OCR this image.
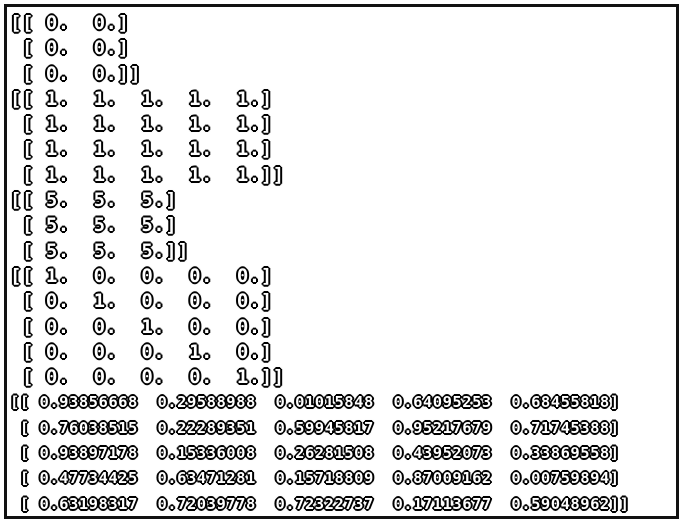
[[ 0.  0.]
[ 0.  0.]
[ 0.  0.]]
[[ 1.  1.  1.  1.  1.]
[ 1.  1.  1.  1.  1.]
[ 1.  1.  1.  1.  1.]
[ 1.  1.  1.  1.  1.]]
[[ 5.  5.  5.]
[ 5.  5.  5.]
[ 5.  5.  5.]]
[[ 1.  0.  0.  0.  0.]
[ 0.  1.  0.  0.  0.]
[ 0.  0.  1.  0.  0.]
[ 0.  0.  0.  1.  0.]
[ 0.  0.  0.  0.  1.]]
[[ 0.93856668  0.29588988  0.01015848  0.64095253  0.68455818]
[ 0.76038515  0.22289351  0.59945817  0.95217679  0.71745388]
[ 0.93897178  0.15336008  0.26281508  0.43952073  0.33869558]
[ 0.47734425  0.63471281  0.15718809  0.87009162  0.00759894]
[ 0.63198317  0.72039778  0.72322737  0.17113677  0.59048962]]
